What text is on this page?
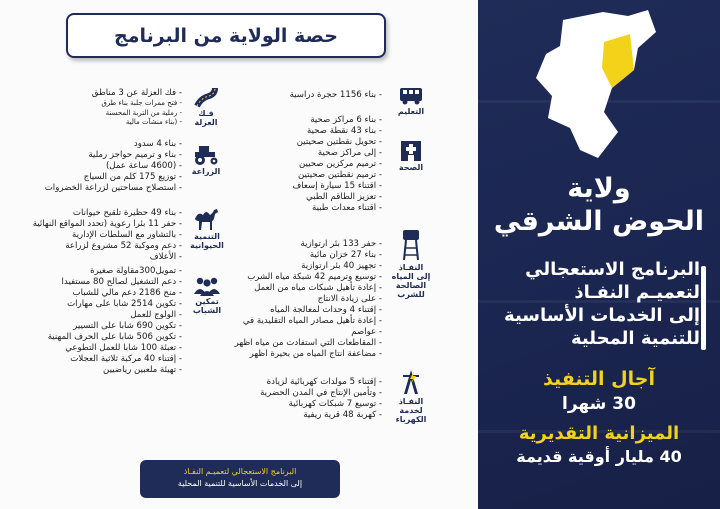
حصة الولاية من البرنامج
التعليم
- بناء 1156 حجرة دراسية
الصحة
- بناء 6 مراكز صحية
- بناء 43 نقطة صحية
- تحويل نقطتين صحيتين
- إلى مراكز صحية
- ترميم مركزين صحيين
- ترميم نقطتين صحيتين
- اقتناء 15 سيارة إسعاف
- تعزيز الطاقم الطبي
- اقتناء معدات طبية
النفـاذ إلى المياه الصالحة للشرب
- حفر 133 بئر ارتوازية
- بناء 27 خزان مائية
- تجهيز 40 بئر ارتوازية
- توسيع وترميم 42 شبكة مياه الشرب
- إعادة تأهيل شبكات مياه من العمل
- على زيادة الانتاج
- إقتناء 4 وحدات لمعالجة المياه
- إعادة تأهيل مصادر المياه التقليدية في
- عواصم
- المقاطعات التي استفادت من مياه اظهر
- مضاعفة انتاج المياه من بحيرة اظهر
النفـاذ لخدمة الكهرباء
- إقتناء 5 مولدات كهربائية لزيادة
- وتأمين الإنتاج في المدن الحضرية
- توسيع 7 شبكات كهربائية
- كهربة 48 قرية ريفية
فـك العزلة
- فك العزلة عن 3 مناطق
- فتح ممرات جلبة بناء طرق
- رملية من التربة المحسنة
- (بناء منشآت مالية
الزراعة
- بناء 4 سدود
- بناء و ترميم حواجز رملية
- (4600 ساعة عمل)
- توزيع 175 كلم من السياج
- استصلاح مساحتين لزراعة الخضروات
التنمية الحيوانية
- بناء 49 حظيرة تلقيح حيوانات
- حفر 11 بئرا رعوية (تحدد المواقع النهائية
- بالتشاور مع السلطات الإدارية
- دعم وموكبة 52 مشروع لزراعة
- الأعلاف
تمكين الشباب
- تمويل300مقاولة صغيرة
- دعم التشغيل لصالح 80 مستفيدا
- منح 2186 دعم مالي للشباب
- تكوين 2514 شابا على مهارات
- الولوج للعمل
- تكوين 690 شابا على التسيير
- تكوين 506 شابا على الحرف المهنية
- تعبئة 100 شابا للعمل التطوعي
- إقتناء 40 مركبة ثلاثية العجلات
- تهيئة ملعبين رياضيين
البرنامج الاستعجالي لتعميـم النفـاذ
إلى الخدمات الأساسية للتنمية المحلية
ولاية
الحوض الشرقي
البرنامج الاستعجالي
لتعميـم النفـاذ
إلى الخدمات الأساسية
للتنمية المحلية
آجال التنفيذ
30 شهرا
الميزانية التقديرية
40 مليار أوقية قديمة
